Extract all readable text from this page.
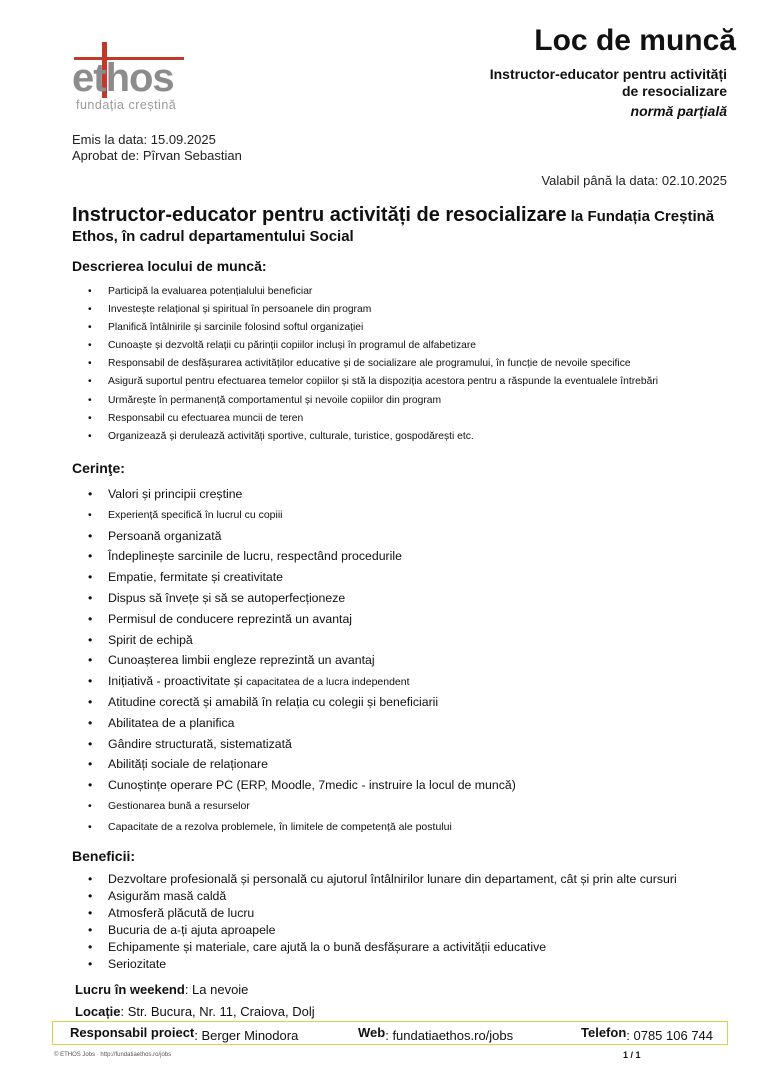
ethos
fundația creștină
Loc de muncă
Instructor-educator pentru activități
de resocializare
normă parțială
Emis la data: 15.09.2025
Aprobat de: Pîrvan Sebastian
Valabil până la data: 02.10.2025
Instructor-educator pentru activități de resocializare la Fundația Creștină Ethos, în cadrul departamentului Social
Descrierea locului de muncă:
• Participă la evaluarea potențialului beneficiar
• Investește relațional și spiritual în persoanele din program
• Planifică întâlnirile și sarcinile folosind softul organizației
• Cunoaște și dezvoltă relații cu părinții copiilor incluși în programul de alfabetizare
• Responsabil de desfășurarea activităților educative și de socializare ale programului, în funcție de nevoile specifice
• Asigură suportul pentru efectuarea temelor copiilor și stă la dispoziția acestora pentru a răspunde la eventualele întrebări
• Urmărește în permanență comportamentul și nevoile copiilor din program
• Responsabil cu efectuarea muncii de teren
• Organizează și derulează activități sportive, culturale, turistice, gospodărești etc.
Cerinţe:
• Valori și principii creștine
• Experiență specifică în lucrul cu copiii
• Persoană organizată
• Îndeplinește sarcinile de lucru, respectând procedurile
• Empatie, fermitate și creativitate
• Dispus să învețe și să se autoperfecționeze
• Permisul de conducere reprezintă un avantaj
• Spirit de echipă
• Cunoașterea limbii engleze reprezintă un avantaj
• Inițiativă - proactivitate și capacitatea de a lucra independent
• Atitudine corectă și amabilă în relația cu colegii și beneficiarii
• Abilitatea de a planifica
• Gândire structurată, sistematizată
• Abilități sociale de relaționare
• Cunoștințe operare PC (ERP, Moodle, 7medic - instruire la locul de muncă)
• Gestionarea bună a resurselor
• Capacitate de a rezolva problemele, în limitele de competență ale postului
Beneficii:
• Dezvoltare profesională și personală cu ajutorul întâlnirilor lunare din departament, cât și prin alte cursuri
• Asigurăm masă caldă
• Atmosferă plăcută de lucru
• Bucuria de a-ți ajuta aproapele
• Echipamente și materiale, care ajută la o bună desfășurare a activității educative
• Seriozitate
Lucru în weekend: La nevoie
Locație: Str. Bucura, Nr. 11, Craiova, Dolj
Responsabil proiect : Berger Minodora	Web : fundatiaethos.ro/jobs	Telefon : 0785 106 744
© ETHOS Jobs · http://fundatiaethos.ro/jobs	1 / 1
